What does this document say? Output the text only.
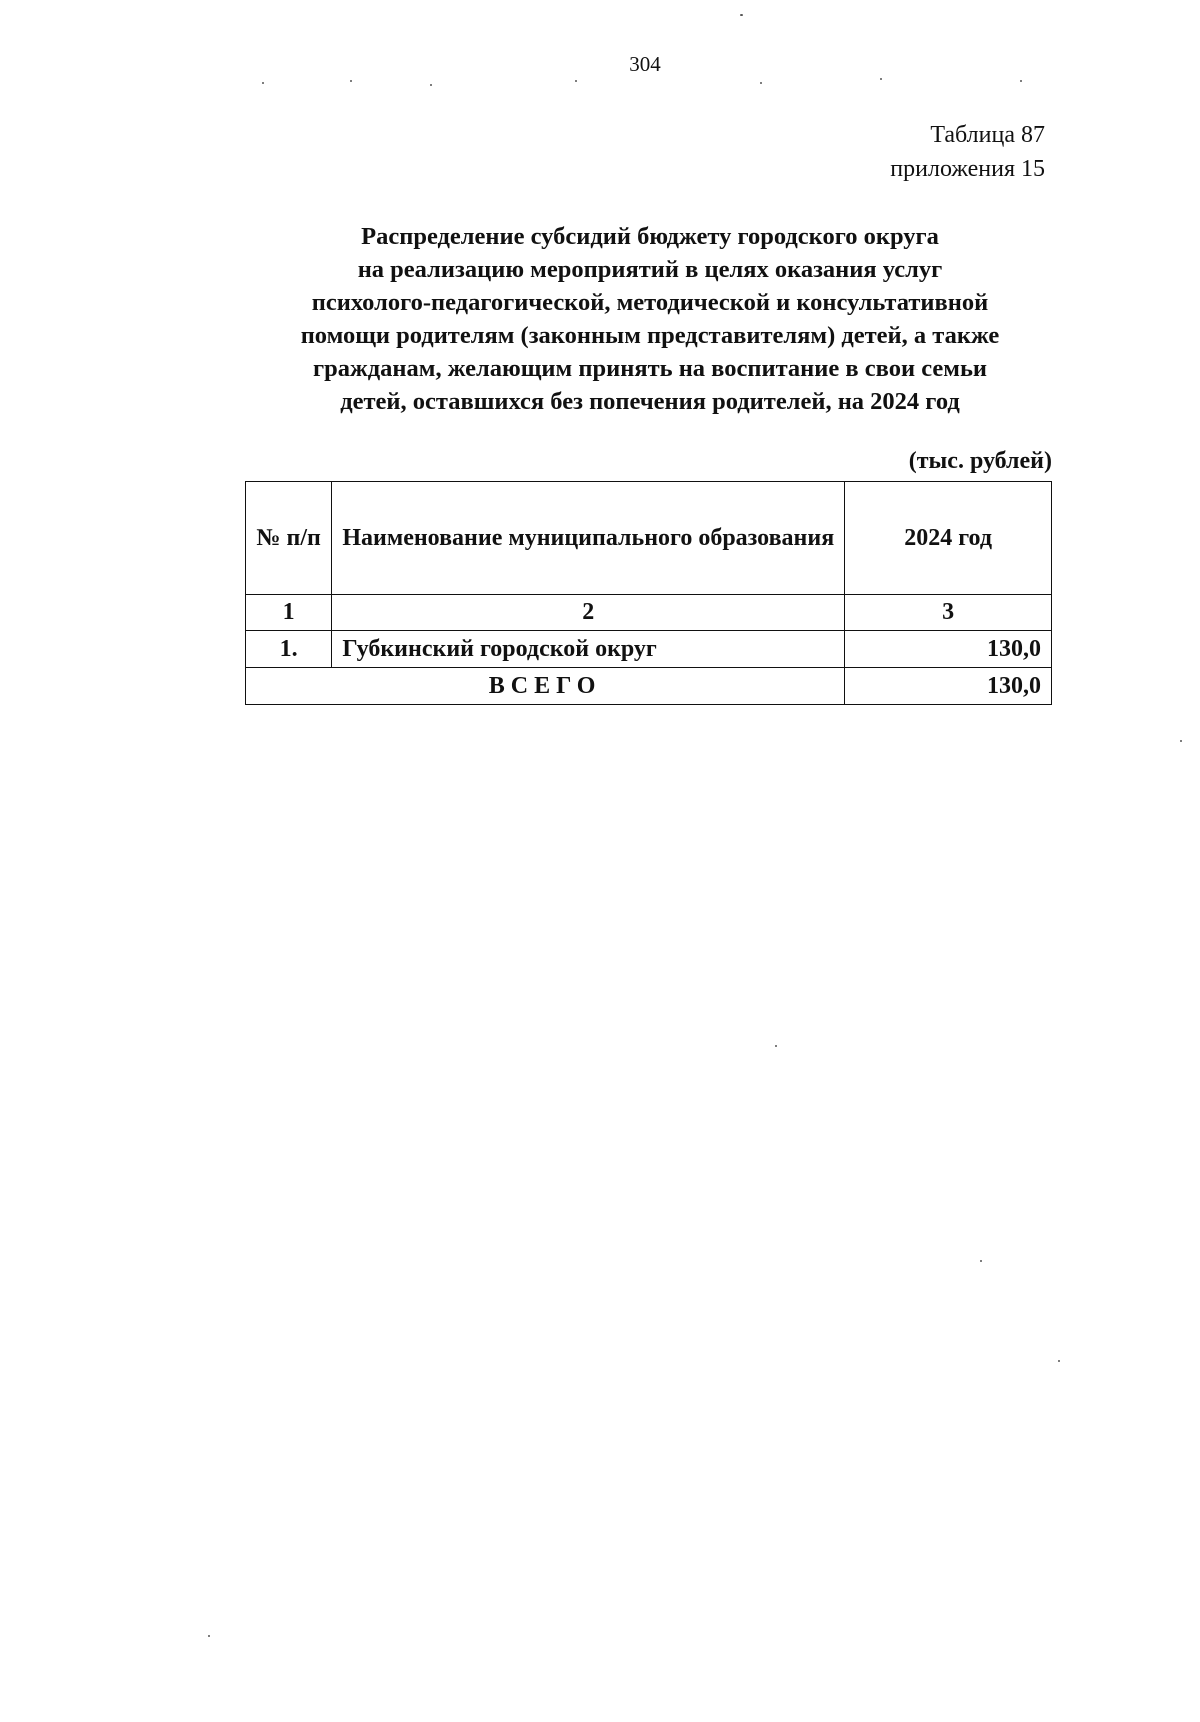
304
Таблица 87
приложения 15
Распределение субсидий бюджету городского округа
на реализацию мероприятий в целях оказания услуг
психолого-педагогической, методической и консультативной
помощи родителям (законным представителям) детей, а также
гражданам, желающим принять на воспитание в свои семьи
детей, оставшихся без попечения родителей, на 2024 год
(тыс. рублей)
№ п/п	Наименование муниципального образования	2024 год
1	2	3
1.	Губкинский городской округ	130,0
ВСЕГО		130,0
